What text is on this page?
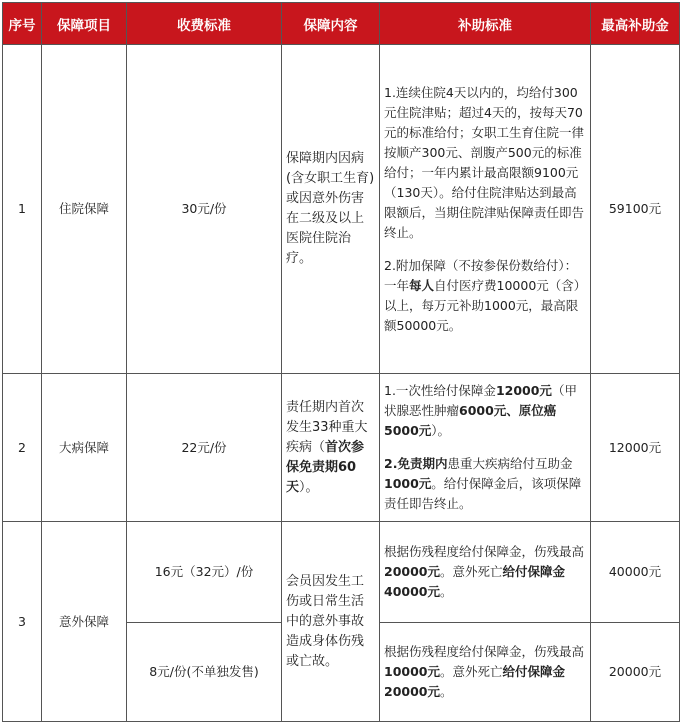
序号	保障项目	收费标准	保障内容	补助标准	最高补助金
1	住院保障	30元/份	保障期内因病(含女职工生育)或因意外伤害在二级及以上医院住院治疗。	1.连续住院4天以内的，均给付300元住院津贴；超过4天的，按每天70元的标准给付；女职工生育住院一律按顺产300元、剖腹产500元的标准给付；一年内累计最高限额9100元（130天）。给付住院津贴达到最高限额后，当期住院津贴保障责任即告终止。

2.附加保障（不按参保份数给付）：一年每人自付医疗费10000元（含）以上，每万元补助1000元，最高限额50000元。	59100元
2	大病保障	22元/份	责任期内首次发生33种重大疾病（首次参保免责期60天）。	1.一次性给付保障金12000元（甲状腺恶性肿瘤6000元、原位癌5000元）。

2.免责期内患重大疾病给付互助金1000元。给付保障金后，该项保障责任即告终止。	12000元
3	意外保障	16元（32元）/份	会员因发生工伤或日常生活中的意外事故造成身体伤残或亡故。	根据伤残程度给付保障金，伤残最高20000元。意外死亡给付保障金40000元。	40000元
		8元/份(不单独发售)		根据伤残程度给付保障金，伤残最高10000元。意外死亡给付保障金20000元。	20000元
